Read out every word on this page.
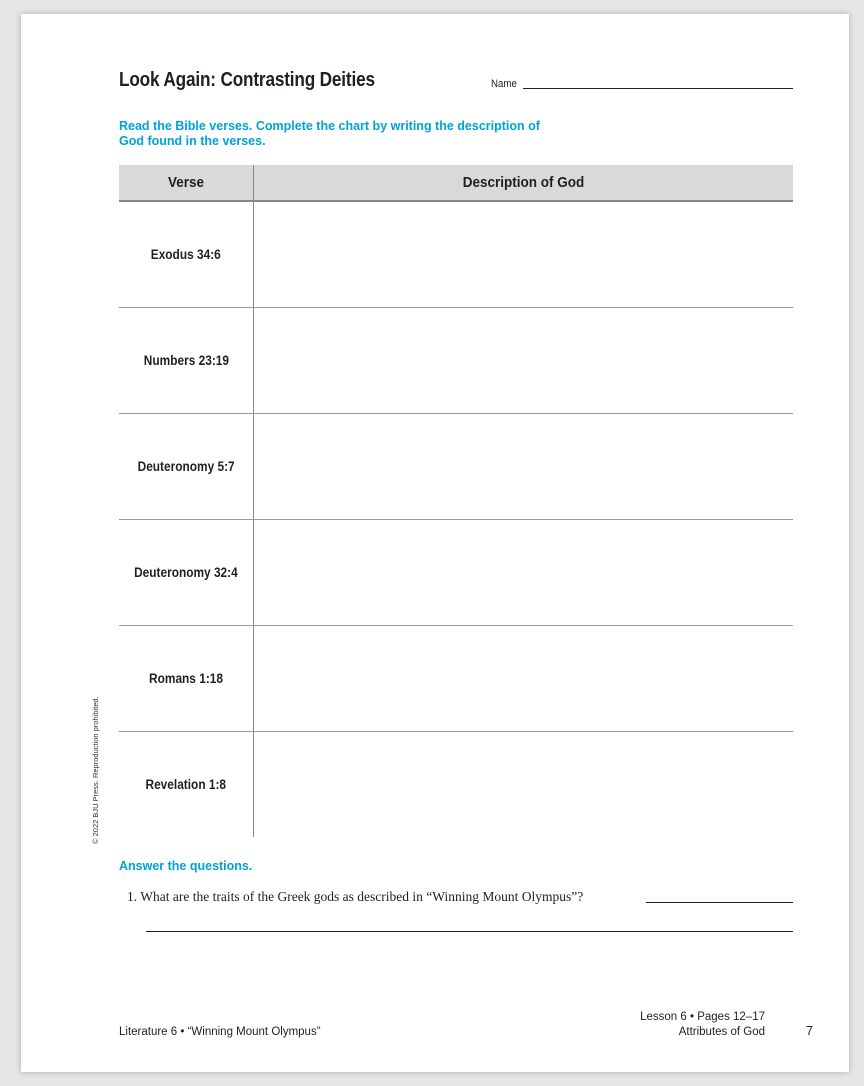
Look Again: Contrasting Deities	Name
Read the Bible verses. Complete the chart by writing the description of
God found in the verses.
Verse	Description of God
Exodus 34:6
Numbers 23:19
Deuteronomy 5:7
Deuteronomy 32:4
Romans 1:18
Revelation 1:8
© 2022 BJU Press. Reproduction prohibited.
Answer the questions.
1. What are the traits of the Greek gods as described in “Winning Mount Olympus”?
Literature 6 • “Winning Mount Olympus”
Lesson 6 • Pages 12–17
Attributes of God	7
